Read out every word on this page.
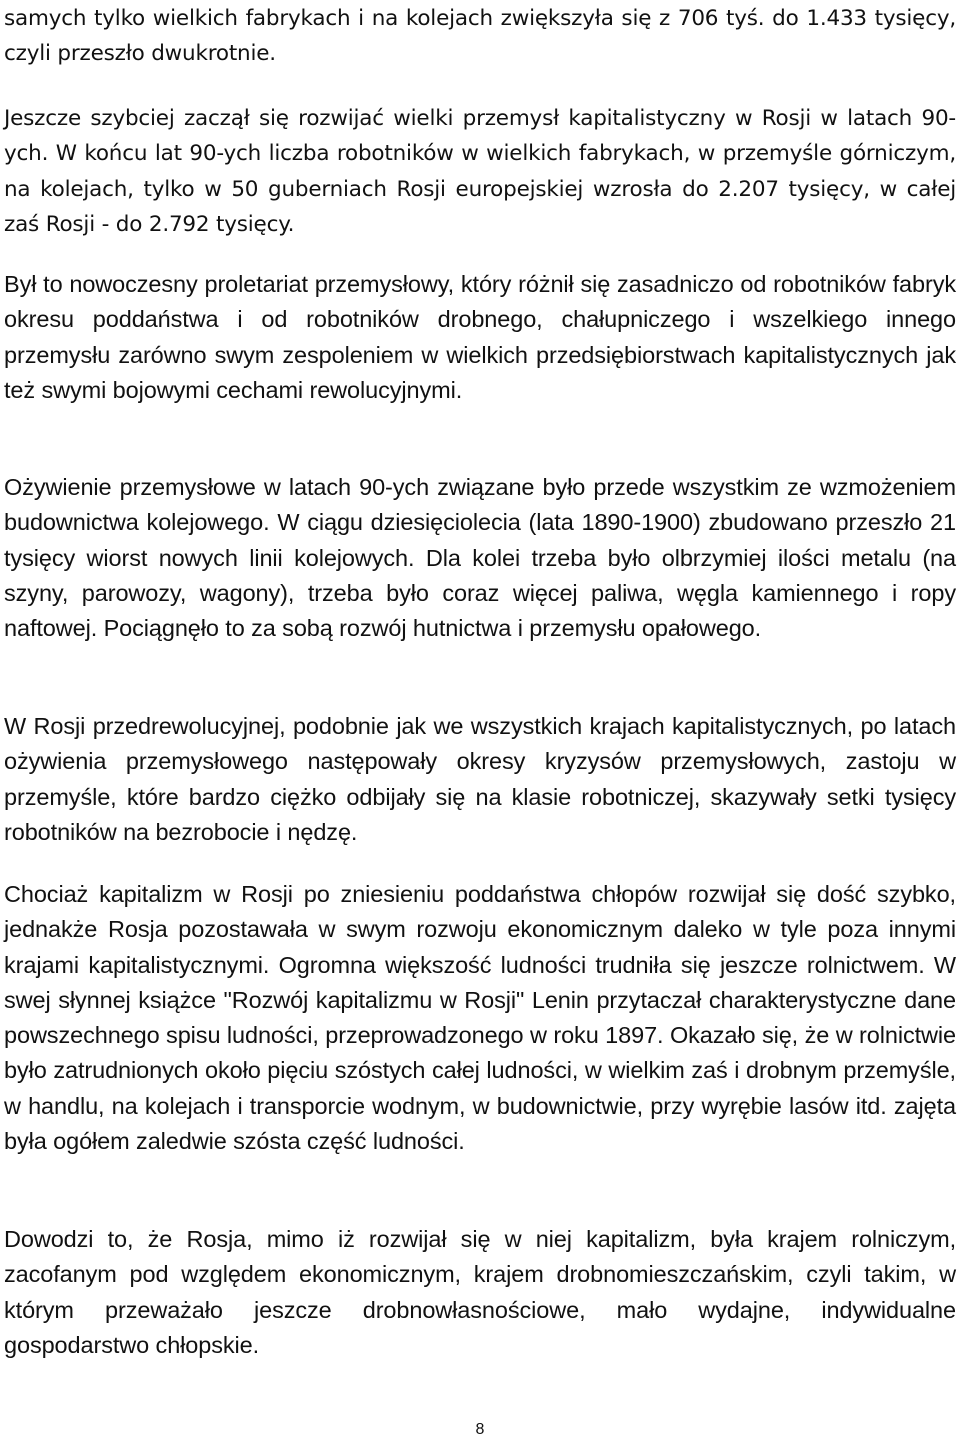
samych tylko wielkich fabrykach i na kolejach zwiększyła się z 706 tyś. do 1.433 tysięcy, czyli przeszło dwukrotnie.

Jeszcze szybciej zaczął się rozwijać wielki przemysł kapitalistyczny w Rosji w latach 90-ych. W końcu lat 90-ych liczba robotników w wielkich fabrykach, w przemyśle górniczym, na kolejach, tylko w 50 guberniach Rosji europejskiej wzrosła do 2.207 tysięcy, w całej zaś Rosji - do 2.792 tysięcy.

Był to nowoczesny proletariat przemysłowy, który różnił się zasadniczo od robotników fabryk okresu poddaństwa i od robotników drobnego, chałupniczego i wszelkiego innego przemysłu zarówno swym zespoleniem w wielkich przedsiębiorstwach kapitalistycznych jak też swymi bojowymi cechami rewolucyjnymi.

Ożywienie przemysłowe w latach 90-ych związane było przede wszystkim ze wzmożeniem budownictwa kolejowego. W ciągu dziesięciolecia (lata 1890-1900) zbudowano przeszło 21 tysięcy wiorst nowych linii kolejowych. Dla kolei trzeba było olbrzymiej ilości metalu (na szyny, parowozy, wagony), trzeba było coraz więcej paliwa, węgla kamiennego i ropy naftowej. Pociągnęło to za sobą rozwój hutnictwa i przemysłu opałowego.

W Rosji przedrewolucyjnej, podobnie jak we wszystkich krajach kapitalistycznych, po latach ożywienia przemysłowego następowały okresy kryzysów przemysłowych, zastoju w przemyśle, które bardzo ciężko odbijały się na klasie robotniczej, skazywały setki tysięcy robotników na bezrobocie i nędzę.

Chociaż kapitalizm w Rosji po zniesieniu poddaństwa chłopów rozwijał się dość szybko, jednakże Rosja pozostawała w swym rozwoju ekonomicznym daleko w tyle poza innymi krajami kapitalistycznymi. Ogromna większość ludności trudniła się jeszcze rolnictwem. W swej słynnej książce "Rozwój kapitalizmu w Rosji" Lenin przytaczał charakterystyczne dane powszechnego spisu ludności, przeprowadzonego w roku 1897. Okazało się, że w rolnictwie było zatrudnionych około pięciu szóstych całej ludności, w wielkim zaś i drobnym przemyśle, w handlu, na kolejach i transporcie wodnym, w budownictwie, przy wyrębie lasów itd. zajęta była ogółem zaledwie szósta część ludności.

Dowodzi to, że Rosja, mimo iż rozwijał się w niej kapitalizm, była krajem rolniczym, zacofanym pod względem ekonomicznym, krajem drobnomieszczańskim, czyli takim, w którym przeważało jeszcze drobnowłasnościowe, mało wydajne, indywidualne gospodarstwo chłopskie.

8
